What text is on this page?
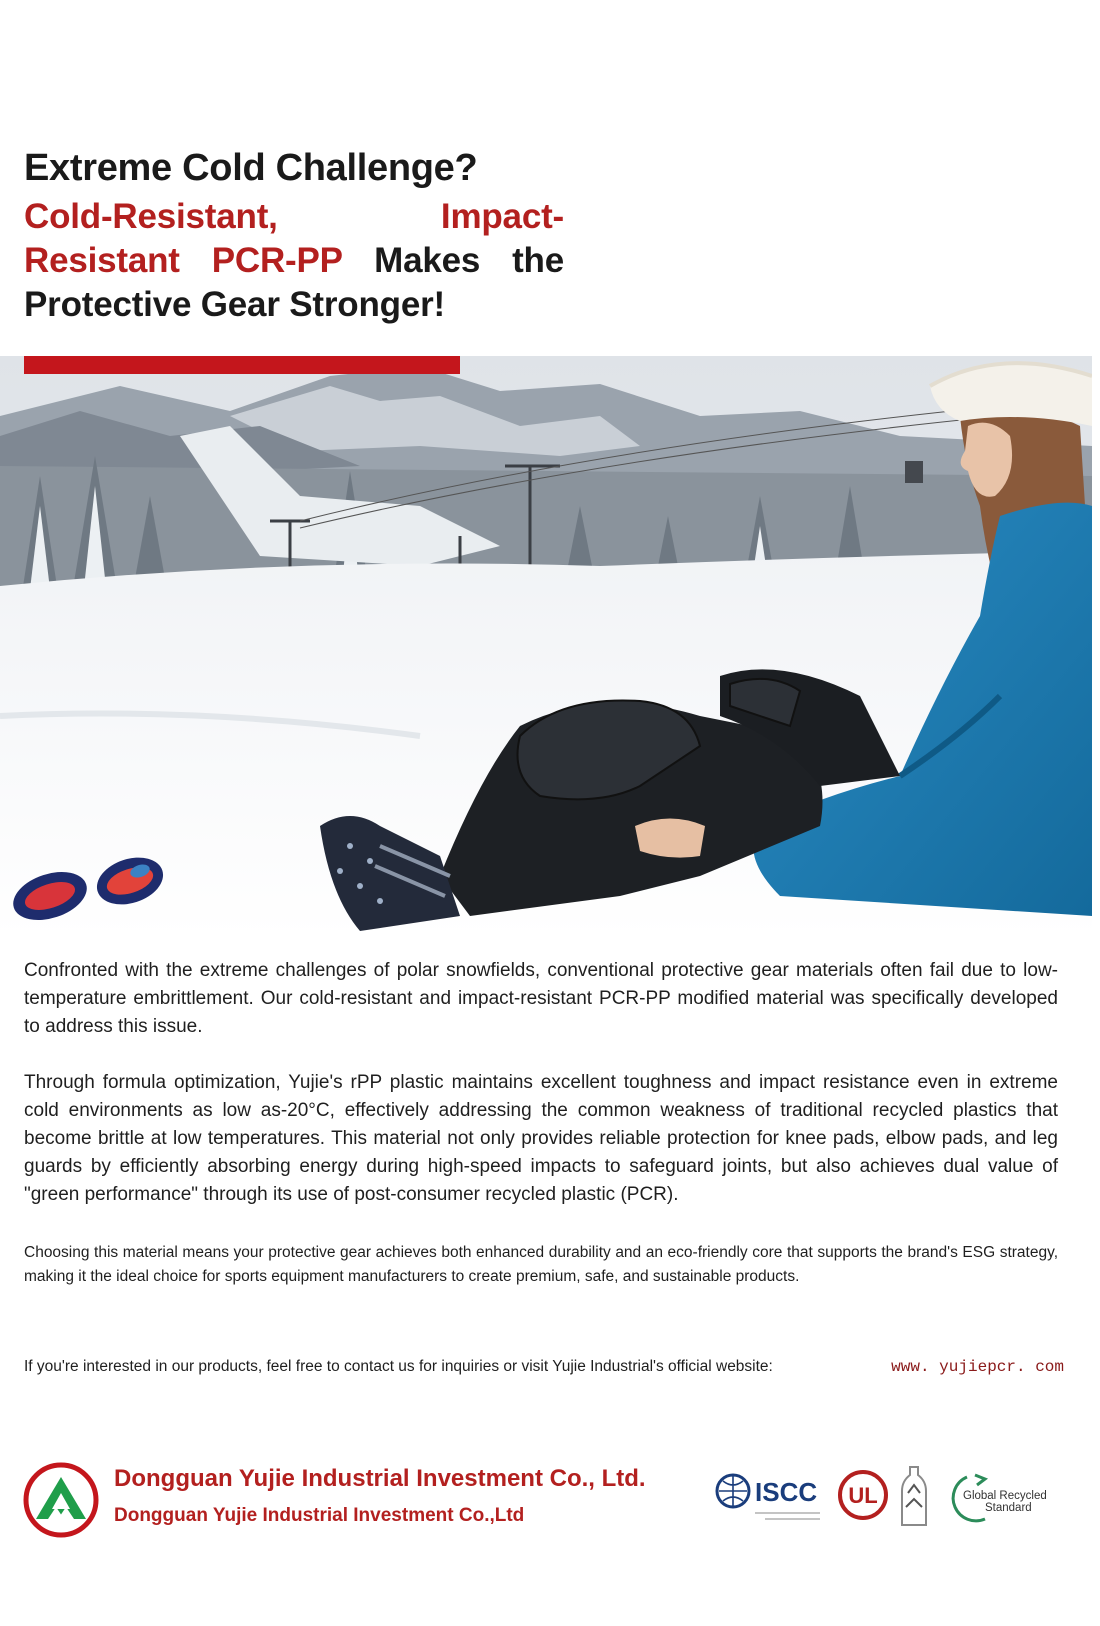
Extreme Cold Challenge?

Cold-Resistant, Impact-Resistant PCR-PP Makes the Protective Gear Stronger!

Confronted with the extreme challenges of polar snowfields, conventional protective gear materials often fail due to low-temperature embrittlement. Our cold-resistant and impact-resistant PCR-PP modified material was specifically developed to address this issue.

Through formula optimization, Yujie's rPP plastic maintains excellent toughness and impact resistance even in extreme cold environments as low as-20°C, effectively addressing the common weakness of traditional recycled plastics that become brittle at low temperatures. This material not only provides reliable protection for knee pads, elbow pads, and leg guards by efficiently absorbing energy during high-speed impacts to safeguard joints, but also achieves dual value of "green performance" through its use of post-consumer recycled plastic (PCR).

Choosing this material means your protective gear achieves both enhanced durability and an eco-friendly core that supports the brand's ESG strategy, making it the ideal choice for sports equipment manufacturers to create premium, safe, and sustainable products.

If you're interested in our products, feel free to contact us for inquiries or visit Yujie Industrial's official website:	www. yujiepcr. com
Dongguan Yujie Industrial Investment Co., Ltd.
Dongguan Yujie Industrial Investment Co.,Ltd
ISCC UL	Global Recycled
Standard
